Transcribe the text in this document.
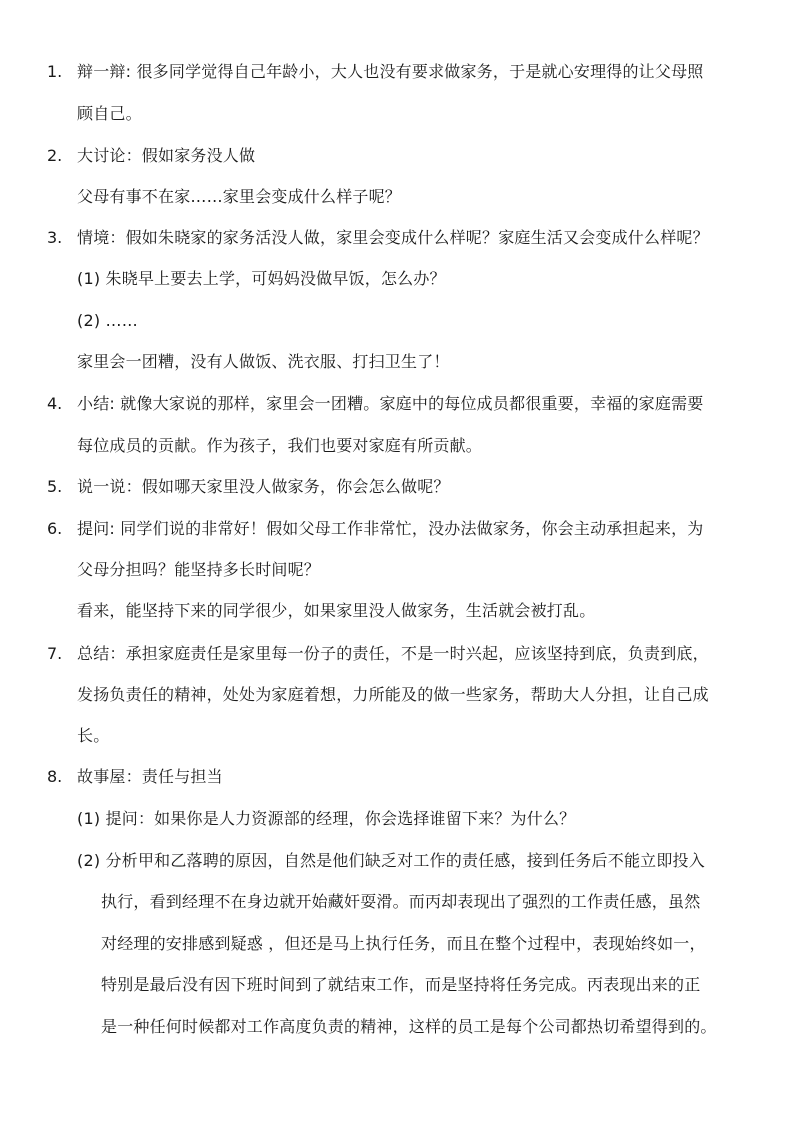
1. 辩一辩: 很多同学觉得自己年龄小，大人也没有要求做家务，于是就心安理得的让父母照
顾自己。
2. 大讨论：假如家务没人做
父母有事不在家……家里会变成什么样子呢？
3. 情境：假如朱晓家的家务活没人做，家里会变成什么样呢？家庭生活又会变成什么样呢？
(1) 朱晓早上要去上学，可妈妈没做早饭，怎么办？
(2) ……
家里会一团糟，没有人做饭、洗衣服、打扫卫生了！
4. 小结: 就像大家说的那样，家里会一团糟。家庭中的每位成员都很重要，幸福的家庭需要
每位成员的贡献。作为孩子，我们也要对家庭有所贡献。
5. 说一说：假如哪天家里没人做家务，你会怎么做呢？
6. 提问: 同学们说的非常好！假如父母工作非常忙，没办法做家务，你会主动承担起来，为
父母分担吗？能坚持多长时间呢？
看来，能坚持下来的同学很少，如果家里没人做家务，生活就会被打乱。
7. 总结：承担家庭责任是家里每一份子的责任，不是一时兴起，应该坚持到底，负责到底，
发扬负责任的精神，处处为家庭着想，力所能及的做一些家务，帮助大人分担，让自己成
长。
8. 故事屋：责任与担当
(1) 提问：如果你是人力资源部的经理，你会选择谁留下来？为什么？
(2) 分析甲和乙落聘的原因，自然是他们缺乏对工作的责任感，接到任务后不能立即投入
执行，看到经理不在身边就开始藏奸耍滑。而丙却表现出了强烈的工作责任感，虽然
对经理的安排感到疑惑 ，但还是马上执行任务，而且在整个过程中，表现始终如一，
特别是最后没有因下班时间到了就结束工作，而是坚持将任务完成。丙表现出来的正
是一种任何时候都对工作高度负责的精神，这样的员工是每个公司都热切希望得到的。
